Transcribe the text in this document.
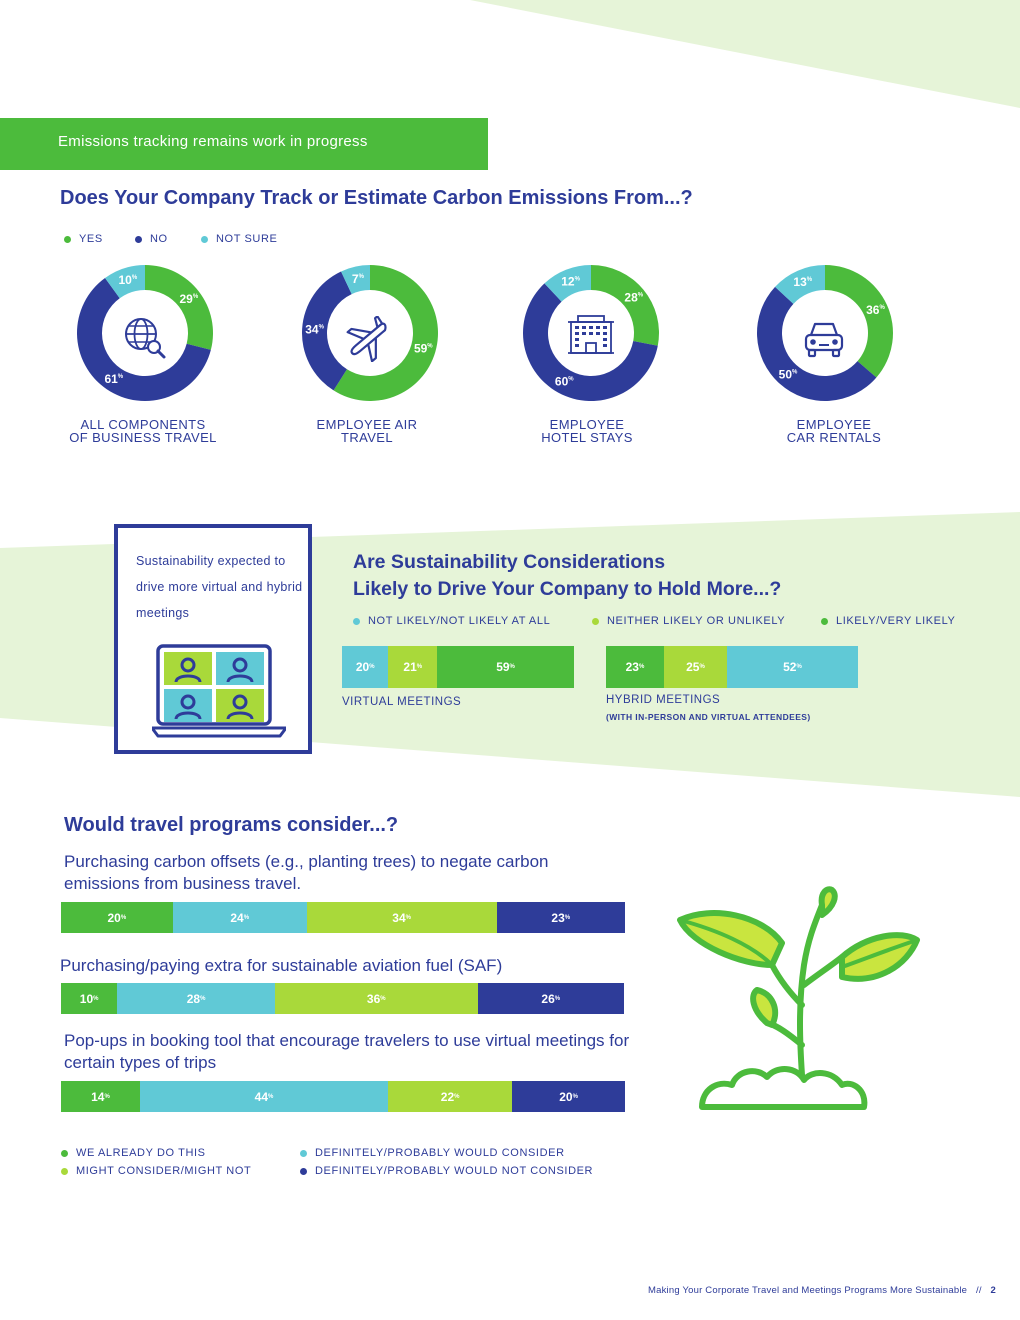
Emissions tracking remains work in progress
Does Your Company Track or Estimate Carbon Emissions From...?
YES	NO	NOT SURE
29%
61%
10%
59%
34%
7%
28%
60%
12%
36%
50%
13%
ALL COMPONENTS
OF BUSINESS TRAVEL
EMPLOYEE AIR
TRAVEL
EMPLOYEE
HOTEL STAYS
EMPLOYEE
CAR RENTALS
Sustainability expected to drive more virtual and hybrid meetings
Are Sustainability Considerations
Likely to Drive Your Company to Hold More...?
NOT LIKELY/NOT LIKELY AT ALL	NEITHER LIKELY OR UNLIKELY	LIKELY/VERY LIKELY
20 %	21 %	59 %
VIRTUAL MEETINGS
23 %	25 %	52 %
HYBRID MEETINGS
(WITH IN-PERSON AND VIRTUAL ATTENDEES)
Would travel programs consider...?
Purchasing carbon offsets (e.g., planting trees) to negate carbon emissions from business travel.
20 %	24 %	34 %	23 %
Purchasing/paying extra for sustainable aviation fuel (SAF)
10 %	28 %	36 %	26 %
Pop-ups in booking tool that encourage travelers to use virtual meetings for certain types of trips
14 %	44 %	22 %	20 %
WE ALREADY DO THIS
MIGHT CONSIDER/MIGHT NOT
DEFINITELY/PROBABLY WOULD CONSIDER
DEFINITELY/PROBABLY WOULD NOT CONSIDER
Making Your Corporate Travel and Meetings Programs More Sustainable // 2
